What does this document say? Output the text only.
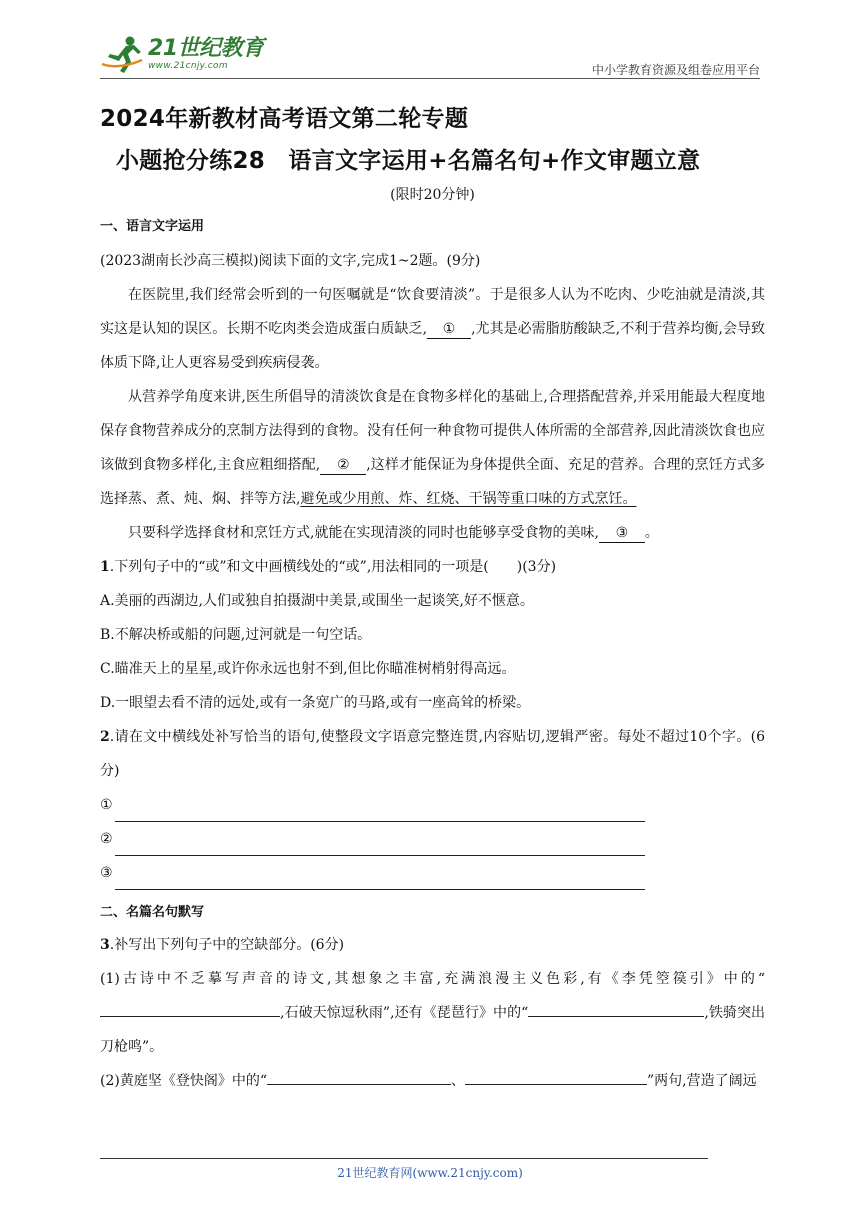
21世纪教育
www.21cnjy.com	中小学教育资源及组卷应用平台
2024年新教材高考语文第二轮专题
小题抢分练28　语言文字运用+名篇名句+作文审题立意
(限时20分钟)
一、语言文字运用

(2023湖南长沙高三模拟)阅读下面的文字,完成1~2题。(9分)

在医院里,我们经常会听到的一句医嘱就是“饮食要清淡”。于是很多人认为不吃肉、少吃油就是清淡,其实这是认知的误区。长期不吃肉类会造成蛋白质缺乏, ① ,尤其是必需脂肪酸缺乏,不利于营养均衡,会导致体质下降,让人更容易受到疾病侵袭。

从营养学角度来讲,医生所倡导的清淡饮食是在食物多样化的基础上,合理搭配营养,并采用能最大程度地保存食物营养成分的烹制方法得到的食物。没有任何一种食物可提供人体所需的全部营养,因此清淡饮食也应该做到食物多样化,主食应粗细搭配, ② ,这样才能保证为身体提供全面、充足的营养。合理的烹饪方式多选择蒸、煮、炖、焖、拌等方法,避免或少用煎、炸、红烧、干锅等重口味的方式烹饪。

只要科学选择食材和烹饪方式,就能在实现清淡的同时也能够享受食物的美味, ③ 。

1.下列句子中的“或”和文中画横线处的“或”,用法相同的一项是(　　)(3分)

A.美丽的西湖边,人们或独自拍摄湖中美景,或围坐一起谈笑,好不惬意。

B.不解决桥或船的问题,过河就是一句空话。

C.瞄准天上的星星,或许你永远也射不到,但比你瞄准树梢射得高远。

D.一眼望去看不清的远处,或有一条宽广的马路,或有一座高耸的桥梁。

2.请在文中横线处补写恰当的语句,使整段文字语意完整连贯,内容贴切,逻辑严密。每处不超过10个字。(6分)

①
②
③
二、名篇名句默写

3.补写出下列句子中的空缺部分。(6分)

(1)古诗中不乏摹写声音的诗文,其想象之丰富,充满浪漫主义色彩,有《李凭箜篌引》中的“,石破天惊逗秋雨”,还有《琵琶行》中的“	,铁骑突出刀枪鸣”。

(2)黄庭坚《登快阁》中的“	、	”两句,营造了阔远

21世纪教育网(www.21cnjy.com)
